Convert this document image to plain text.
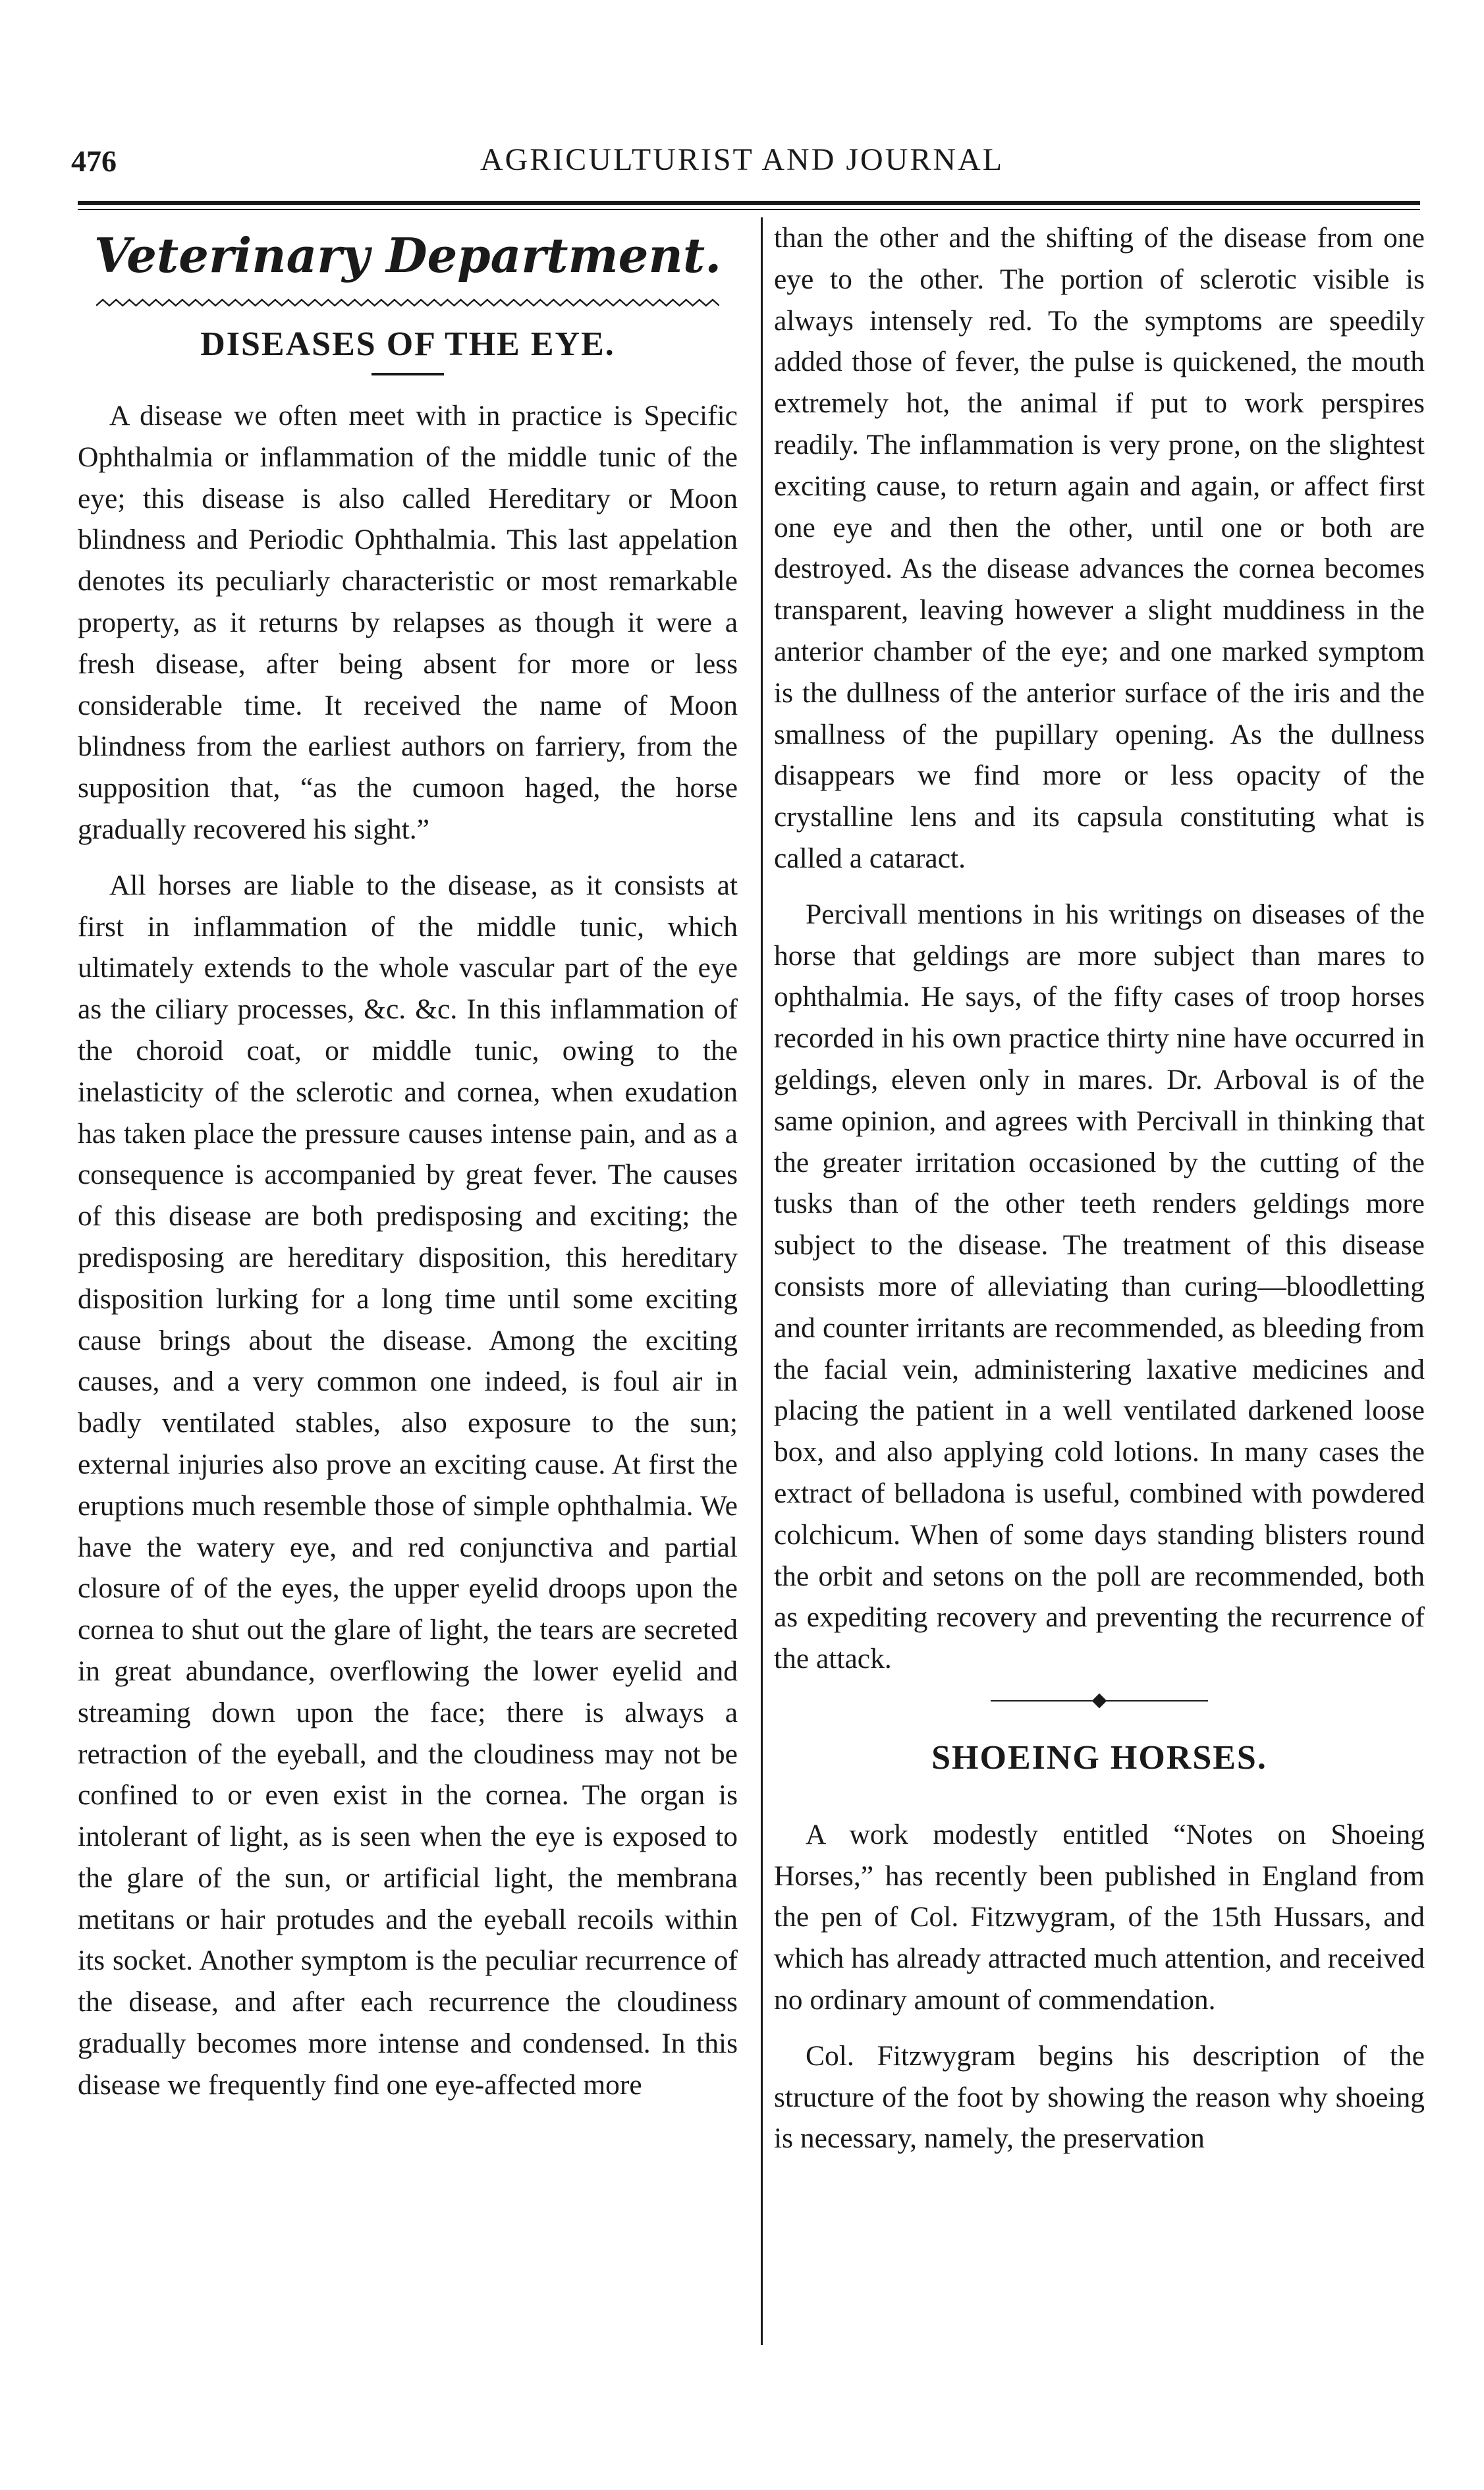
476	AGRICULTURIST AND JOURNAL
Veterinary Department.
DISEASES OF THE EYE.

A disease we often meet with in practice is Specific Ophthalmia or inflammation of the middle tunic of the eye; this disease is also called Hereditary or Moon blindness and Periodic Ophthalmia. This last appelation denotes its peculiarly characteristic or most remarkable property, as it returns by relapses as though it were a fresh disease, after being absent for more or less considerable time. It received the name of Moon blindness from the earliest authors on farriery, from the supposition that, “as the cumoon haged, the horse gradually recovered his sight.”

All horses are liable to the disease, as it consists at first in inflammation of the middle tunic, which ultimately extends to the whole vascular part of the eye as the ciliary processes, &c. &c. In this inflammation of the choroid coat, or middle tunic, owing to the inelasticity of the sclerotic and cornea, when exudation has taken place the pressure causes intense pain, and as a consequence is accompanied by great fever. The causes of this disease are both predisposing and exciting; the predisposing are hereditary disposition, this hereditary disposition lurking for a long time until some exciting cause brings about the disease. Among the exciting causes, and a very common one indeed, is foul air in badly ventilated stables, also exposure to the sun; external injuries also prove an exciting cause. At first the eruptions much resemble those of simple ophthalmia. We have the watery eye, and red conjunctiva and partial closure of of the eyes, the upper eyelid droops upon the cornea to shut out the glare of light, the tears are secreted in great abundance, overflowing the lower eyelid and streaming down upon the face; there is always a retraction of the eyeball, and the cloudiness may not be confined to or even exist in the cornea. The organ is intolerant of light, as is seen when the eye is exposed to the glare of the sun, or artificial light, the membrana metitans or hair protudes and the eyeball recoils within its socket. Another symptom is the peculiar recurrence of the disease, and after each recurrence the cloudiness gradually becomes more intense and condensed. In this disease we frequently find one eye-affected more

than the other and the shifting of the disease from one eye to the other. The portion of sclerotic visible is always intensely red. To the symptoms are speedily added those of fever, the pulse is quickened, the mouth extremely hot, the animal if put to work perspires readily. The inflammation is very prone, on the slightest exciting cause, to return again and again, or affect first one eye and then the other, until one or both are destroyed. As the disease advances the cornea becomes transparent, leaving however a slight muddiness in the anterior chamber of the eye; and one marked symptom is the dullness of the anterior surface of the iris and the smallness of the pupillary opening. As the dullness disappears we find more or less opacity of the crystalline lens and its capsula constituting what is called a cataract.

Percivall mentions in his writings on diseases of the horse that geldings are more subject than mares to ophthalmia. He says, of the fifty cases of troop horses recorded in his own practice thirty nine have occurred in geldings, eleven only in mares. Dr. Arboval is of the same opinion, and agrees with Percivall in thinking that the greater irritation occasioned by the cutting of the tusks than of the other teeth renders geldings more subject to the disease. The treatment of this disease consists more of alleviating than curing—bloodletting and counter irritants are recommended, as bleeding from the facial vein, administering laxative medicines and placing the patient in a well ventilated darkened loose box, and also applying cold lotions. In many cases the extract of belladona is useful, combined with powdered colchicum. When of some days standing blisters round the orbit and setons on the poll are recommended, both as expediting recovery and preventing the recurrence of the attack.

SHOEING HORSES.

A work modestly entitled “Notes on Shoeing Horses,” has recently been published in England from the pen of Col. Fitzwygram, of the 15th Hussars, and which has already attracted much attention, and received no ordinary amount of commendation.

Col. Fitzwygram begins his description of the structure of the foot by showing the reason why shoeing is necessary, namely, the preservation
